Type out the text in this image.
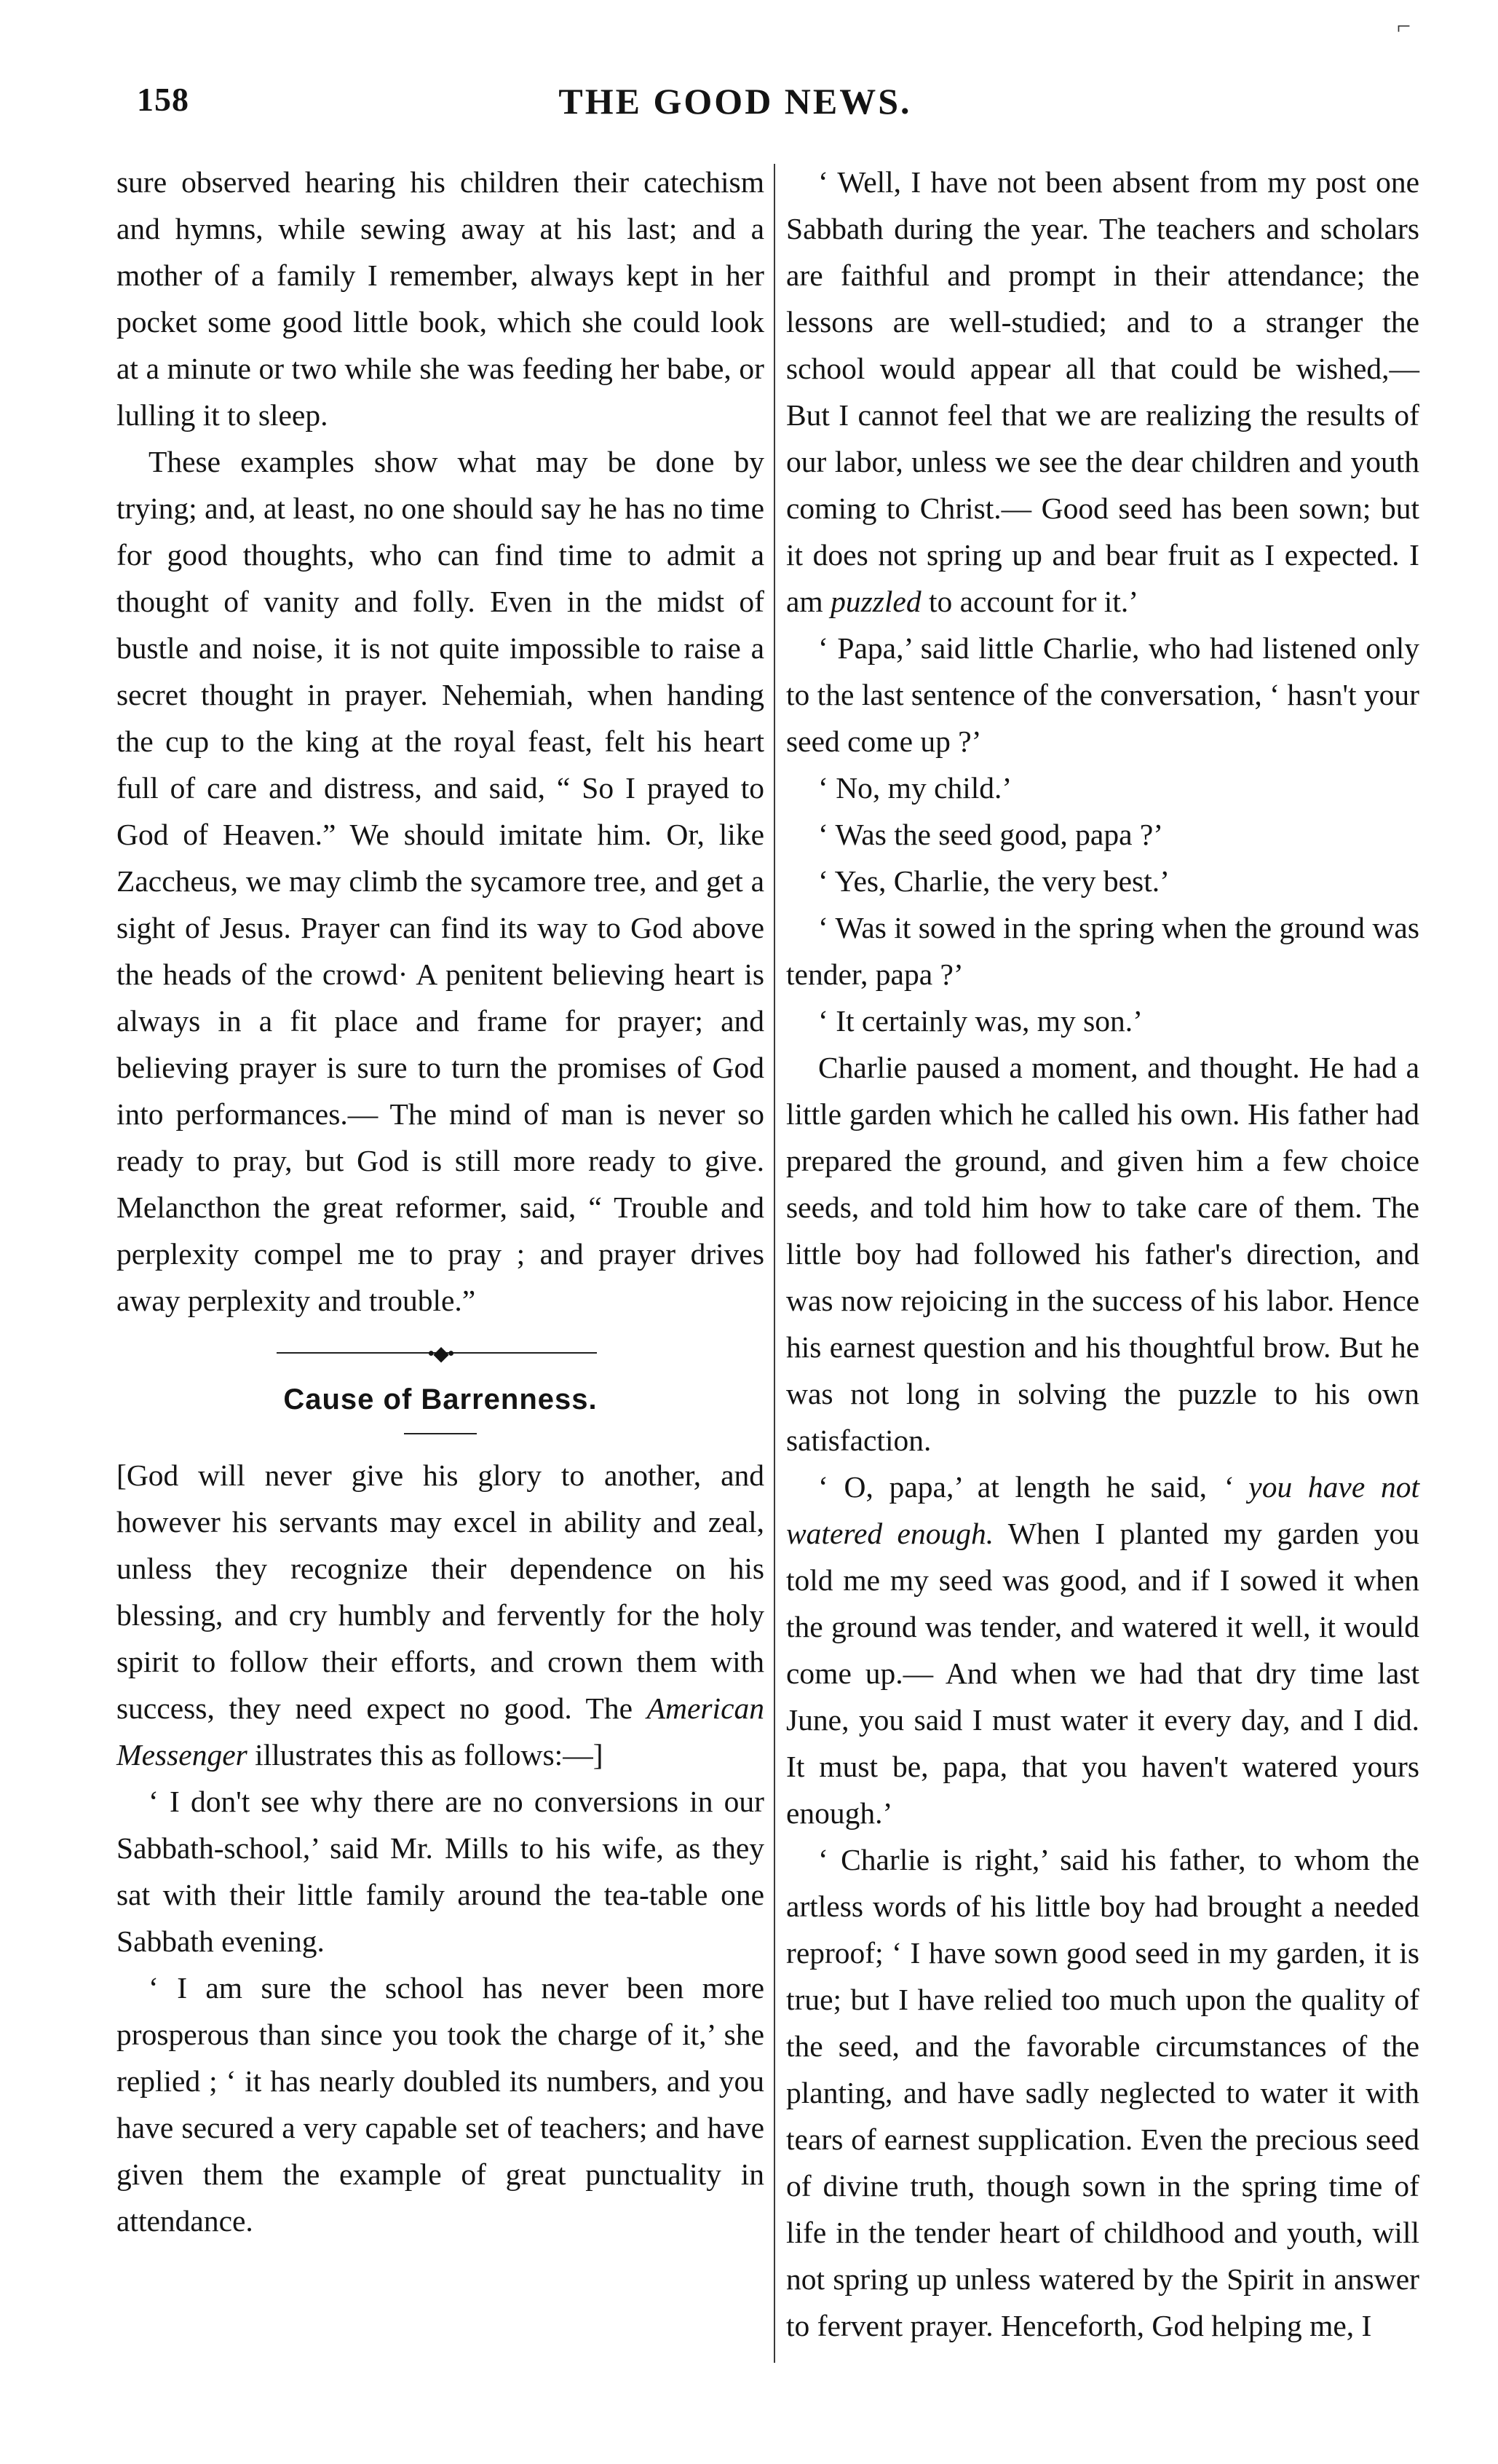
⌐
158	THE GOOD NEWS.

sure observed hearing his children their catechism and hymns, while sewing away at his last; and a mother of a family I remember, always kept in her pocket some good little book, which she could look at a minute or two while she was feeding her babe, or lulling it to sleep.

These examples show what may be done by trying; and, at least, no one should say he has no time for good thoughts, who can find time to admit a thought of vanity and folly. Even in the midst of bustle and noise, it is not quite impossible to raise a secret thought in prayer. Nehemiah, when handing the cup to the king at the royal feast, felt his heart full of care and distress, and said, “ So I prayed to God of Heaven.” We should imitate him. Or, like Zaccheus, we may climb the sycamore tree, and get a sight of Jesus. Prayer can find its way to God above the heads of the crowd· A penitent believing heart is always in a fit place and frame for prayer; and believing prayer is sure to turn the promises of God into performances.— The mind of man is never so ready to pray, but God is still more ready to give. Melancthon the great reformer, said, “ Trouble and perplexity compel me to pray ; and prayer drives away perplexity and trouble.”

•◆•
Cause of Barrenness.

[God will never give his glory to another, and however his servants may excel in ability and zeal, unless they recognize their dependence on his blessing, and cry humbly and fervently for the holy spirit to follow their efforts, and crown them with success, they need expect no good. The American Messenger illustrates this as follows:—]

‘ I don't see why there are no conversions in our Sabbath-school,’ said Mr. Mills to his wife, as they sat with their little family around the tea-table one Sabbath evening.

‘ I am sure the school has never been more prosperous than since you took the charge of it,’ she replied ; ‘ it has nearly doubled its numbers, and you have secured a very capable set of teachers; and have given them the example of great punctuality in attendance.

‘ Well, I have not been absent from my post one Sabbath during the year. The teachers and scholars are faithful and prompt in their attendance; the lessons are well-studied; and to a stranger the school would appear all that could be wished,— But I cannot feel that we are realizing the results of our labor, unless we see the dear children and youth coming to Christ.— Good seed has been sown; but it does not spring up and bear fruit as I expected. I am puzzled to account for it.’

‘ Papa,’ said little Charlie, who had listened only to the last sentence of the conversation, ‘ hasn't your seed come up ?’

‘ No, my child.’

‘ Was the seed good, papa ?’

‘ Yes, Charlie, the very best.’

‘ Was it sowed in the spring when the ground was tender, papa ?’

‘ It certainly was, my son.’

Charlie paused a moment, and thought. He had a little garden which he called his own. His father had prepared the ground, and given him a few choice seeds, and told him how to take care of them. The little boy had followed his father's direction, and was now rejoicing in the success of his labor. Hence his earnest question and his thoughtful brow. But he was not long in solving the puzzle to his own satisfaction.

‘ O, papa,’ at length he said, ‘ you have not watered enough. When I planted my garden you told me my seed was good, and if I sowed it when the ground was tender, and watered it well, it would come up.— And when we had that dry time last June, you said I must water it every day, and I did. It must be, papa, that you haven't watered yours enough.’

‘ Charlie is right,’ said his father, to whom the artless words of his little boy had brought a needed reproof; ‘ I have sown good seed in my garden, it is true; but I have relied too much upon the quality of the seed, and the favorable circumstances of the planting, and have sadly neglected to water it with tears of earnest supplication. Even the precious seed of divine truth, though sown in the spring time of life in the tender heart of childhood and youth, will not spring up unless watered by the Spirit in answer to fervent prayer. Henceforth, God helping me, I
